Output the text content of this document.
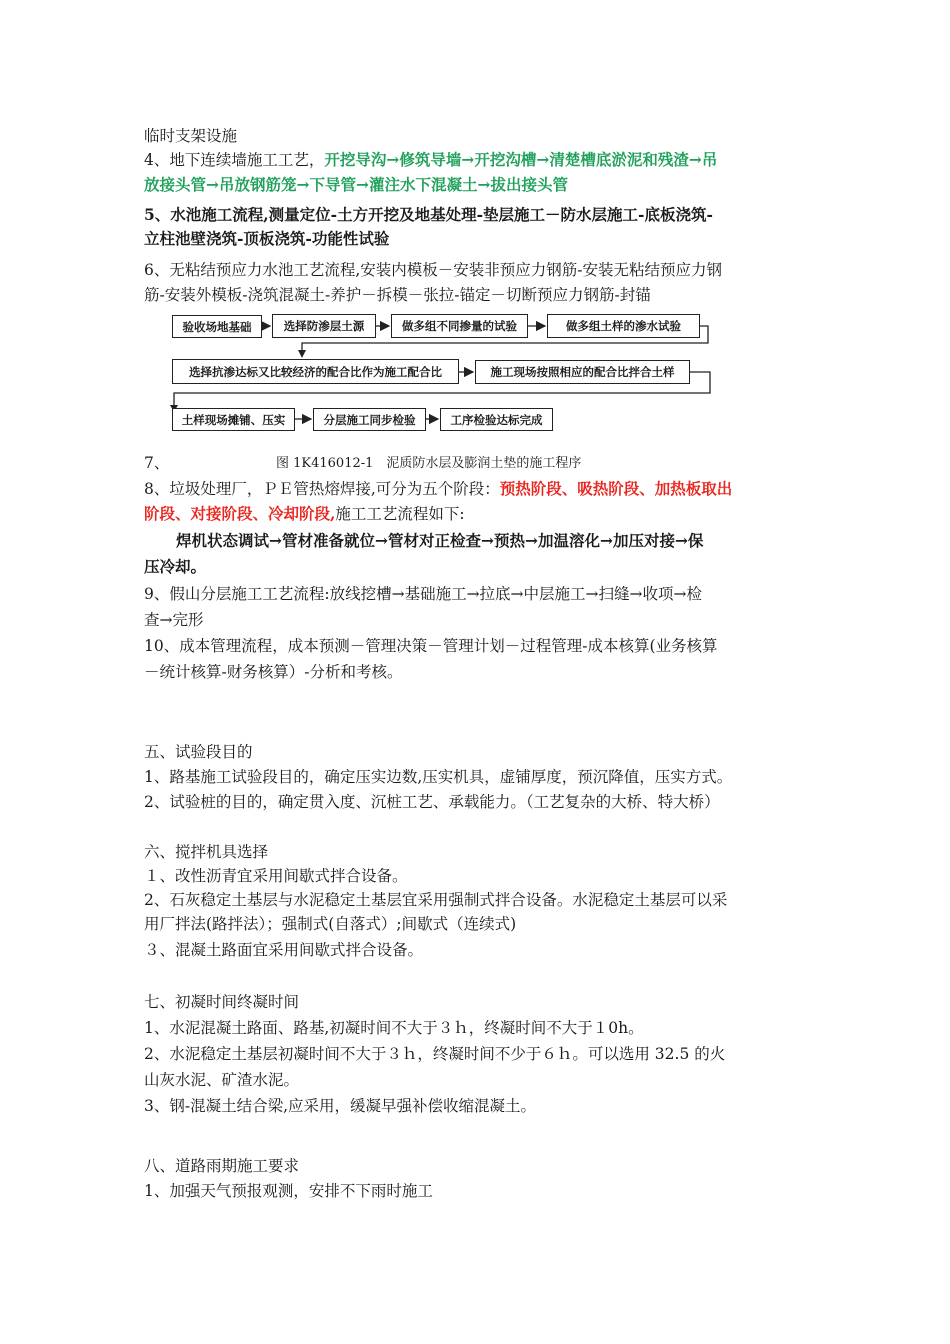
临时支架设施
4、地下连续墙施工工艺，开挖导沟→修筑导墙→开挖沟槽→清楚槽底淤泥和残渣→吊
放接头管→吊放钢筋笼→下导管→灌注水下混凝土→拔出接头管
5、水池施工流程,测量定位-土方开挖及地基处理-垫层施工－防水层施工-底板浇筑-
立柱池壁浇筑-顶板浇筑-功能性试验
6、无粘结预应力水池工艺流程,安装内模板－安装非预应力钢筋-安装无粘结预应力钢
筋-安装外模板-浇筑混凝土-养护－拆模－张拉-锚定－切断预应力钢筋-封锚
验收场地基础	选择防渗层土源	做多组不同掺量的试验	做多组土样的渗水试验
选择抗渗达标又比较经济的配合比作为施工配合比	施工现场按照相应的配合比拌合土样
土样现场摊铺、压实	分层施工同步检验	工序检验达标完成
7、	图 1K416012-1　泥质防水层及膨润土垫的施工程序
8、垃圾处理厂，ＰＥ管热熔焊接,可分为五个阶段：预热阶段、吸热阶段、加热板取出
阶段、对接阶段、冷却阶段,施工工艺流程如下:
焊机状态调试→管材准备就位→管材对正检查→预热→加温溶化→加压对接→保
压冷却。
9、假山分层施工工艺流程:放线挖槽→基础施工→拉底→中层施工→扫缝→收项→检
查→完形
10、成本管理流程，成本预测－管理决策－管理计划－过程管理-成本核算(业务核算
－统计核算-财务核算）-分析和考核。
五、试验段目的
1、路基施工试验段目的，确定压实边数,压实机具，虚铺厚度，预沉降值，压实方式。
2、试验桩的目的，确定贯入度、沉桩工艺、承载能力。（工艺复杂的大桥、特大桥）
六、搅拌机具选择
１、改性沥青宜采用间歇式拌合设备。
2、石灰稳定土基层与水泥稳定土基层宜采用强制式拌合设备。水泥稳定土基层可以采
用厂拌法(路拌法）；强制式(自落式）;间歇式（连续式)
３、混凝土路面宜采用间歇式拌合设备。
七、初凝时间终凝时间
1、水泥混凝土路面、路基,初凝时间不大于３ｈ，终凝时间不大于１0h。
2、水泥稳定土基层初凝时间不大于３ｈ，终凝时间不少于６ｈ。可以选用 32.5 的火
山灰水泥、矿渣水泥。
3、钢-混凝土结合梁,应采用，缓凝早强补偿收缩混凝土。
八、道路雨期施工要求
1、加强天气预报观测，安排不下雨时施工
